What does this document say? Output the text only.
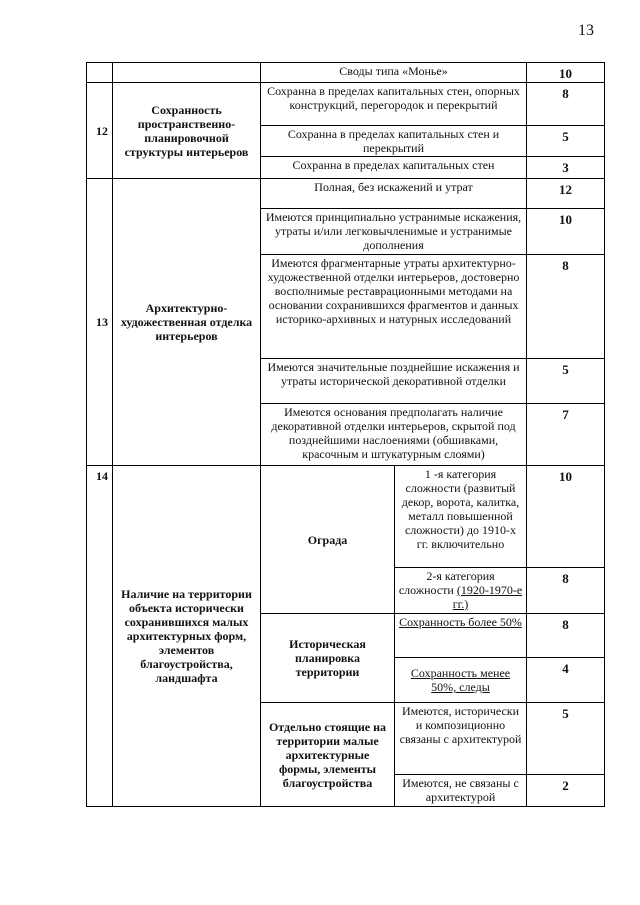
13
		Своды типа «Монье»		10
12	Сохранность пространственно-планировочной структуры интерьеров	Сохранна в пределах капитальных стен, опорных конструкций, перегородок и перекрытий		8
		Сохранна в пределах капитальных стен и перекрытий		5
		Сохранна в пределах капитальных стен		3
13	Архитектурно-художественная отделка интерьеров	Полная, без искажений и утрат		12
		Имеются принципиально устранимые искажения, утраты и/или легковычленимые и устранимые дополнения		10
		Имеются фрагментарные утраты архитектурно-художественной отделки интерьеров, достоверно восполнимые реставрационными методами на основании сохранившихся фрагментов и данных историко-архивных и натурных исследований		8
		Имеются значительные позднейшие искажения и утраты исторической декоративной отделки		5
		Имеются основания предполагать наличие декоративной отделки интерьеров, скрытой под позднейшими наслоениями (обшивками, красочным и штукатурным слоями)		7
14	Наличие на территории объекта исторически сохранившихся малых архитектурных форм, элементов благоустройства, ландшафта	Ограда	1 -я категория сложности (развитый декор, ворота, калитка, металл повышенной сложности) до 1910-х гг. включительно	10
			2-я категория сложности (1920-1970-е гг.)	8
		Историческая планировка территории	Сохранность более 50%	8
			Сохранность менее 50%, следы	4
		Отдельно стоящие на территории малые архитектурные формы, элементы благоустройства	Имеются, исторически и композиционно связаны с архитектурой	5
			Имеются, не связаны с архитектурой	2
